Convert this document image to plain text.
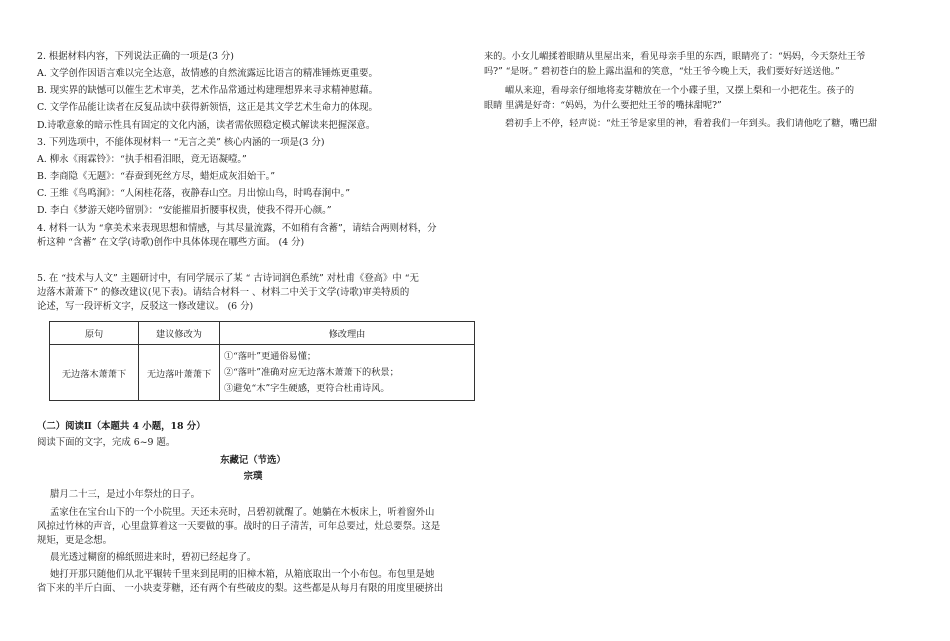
2. 根据材料内容，下列说法正确的一项是(3 分)
A. 文学创作因语言难以完全达意，故情感的自然流露远比语言的精准锤炼更重要。
B. 现实界的缺憾可以催生艺术审美，艺术作品常通过构建理想界来寻求精神慰藉。
C. 文学作品能让读者在反复品读中获得新领悟，这正是其文学艺术生命力的体现。
D.诗歌意象的暗示性具有固定的文化内涵，读者需依照稳定模式解读来把握深意。
3. 下列选项中，不能体现材料一 “无言之美” 核心内涵的一项是(3 分)
A. 柳永《雨霖铃》：“执手相看泪眼，竟无语凝噎。”
B. 李商隐《无题》：“春蚕到死丝方尽，蜡炬成灰泪始干。”
C. 王维《鸟鸣涧》：“人闲桂花落，夜静春山空。月出惊山鸟，时鸣春涧中。”
D. 李白《梦游天姥吟留别》：“安能摧眉折腰事权贵，使我不得开心颜。”
4. 材料一认为 “拿美术来表现思想和情感，与其尽量流露，不如稍有含蓄”，请结合两则材料，分
析这种 “含蓄” 在文学(诗歌)创作中具体体现在哪些方面。 (4 分)
5. 在 “技术与人文” 主题研讨中，有同学展示了某 “ 古诗词润色系统” 对杜甫《登高》中 “无
边落木萧萧下” 的修改建议(见下表)。请结合材料一 、材料二中关于文学(诗歌)审美特质的
论述，写一段评析文字，反驳这一修改建议。 (6 分)
原句	建议修改为	修改理由
无边落木萧萧下	无边落叶萧萧下	①“落叶”更通俗易懂；
②“落叶”准确对应无边落木萧萧下的秋景；
③避免“木”字生硬感，更符合杜甫诗风。
（二）阅读Ⅱ（本题共 4 小题，18 分）
阅读下面的文字，完成 6~9 题。
东藏记（节选）
宗璞
腊月二十三，是过小年祭灶的日子。
孟家住在宝台山下的一个小院里。天还未亮时，吕碧初就醒了。她躺在木板床上，听着窗外山
风掠过竹林的声音，心里盘算着这一天要做的事。战时的日子清苦，可年总要过，灶总要祭。这是
规矩，更是念想。
晨光透过糊窗的棉纸照进来时，碧初已经起身了。
她打开那只随他们从北平辗转千里来到昆明的旧樟木箱，从箱底取出一个小布包。布包里是她
省下来的半斤白面、 一小块麦芽糖，还有两个有些破皮的梨。这些都是从每月有限的用度里硬挤出
来的。小女儿嵋揉着眼睛从里屋出来，看见母亲手里的东西，眼睛亮了：“妈妈，今天祭灶王爷
吗?” “是呀。” 碧初苍白的脸上露出温和的笑意，“灶王爷今晚上天，我们要好好送送他。”
嵋从来迎，看母亲仔细地将麦芽糖放在一个小碟子里，又摆上梨和一小把花生。孩子的
眼睛 里满是好奇：“妈妈，为什么要把灶王爷的嘴抹甜呢?”
碧初手上不停，轻声说：“灶王爷是家里的神，看着我们一年到头。我们请他吃了糖，嘴巴甜
